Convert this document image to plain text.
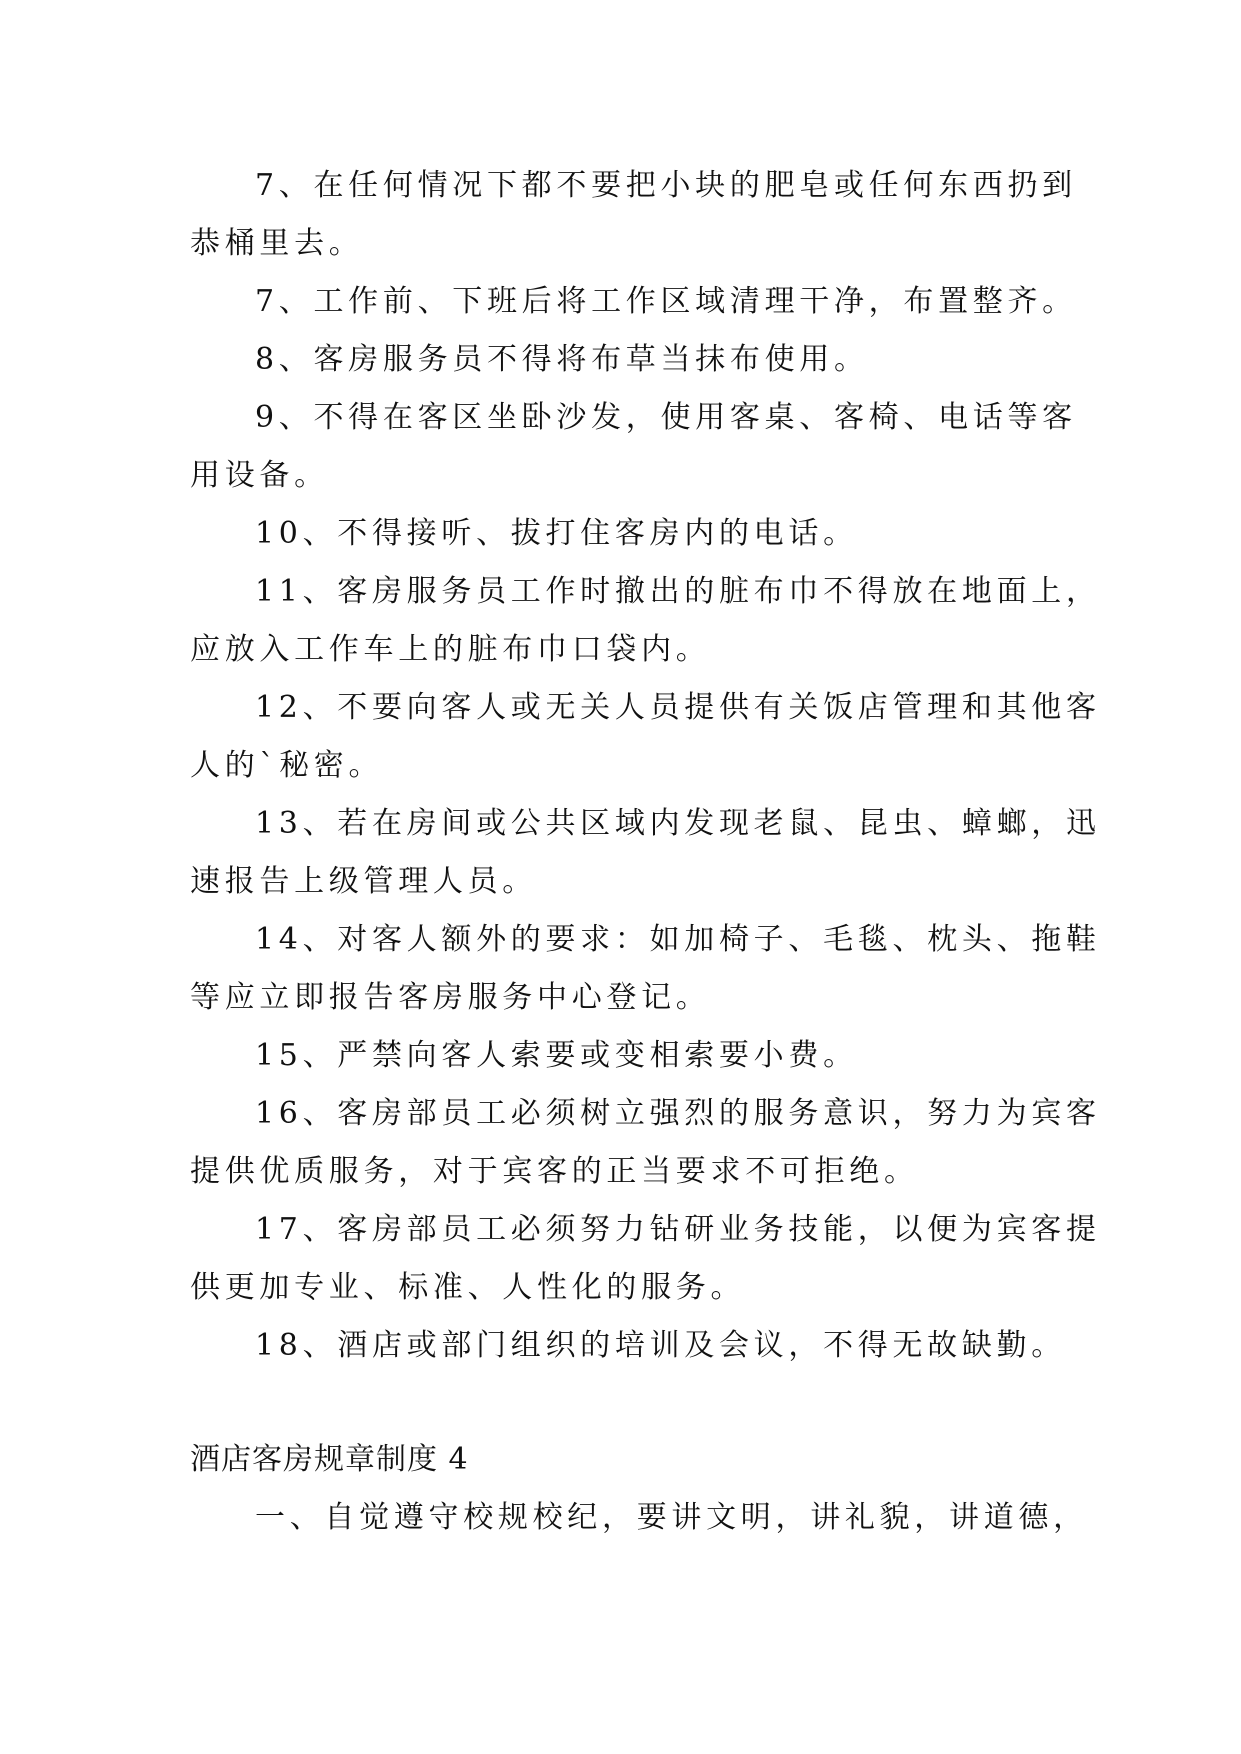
7、在任何情况下都不要把小块的肥皂或任何东西扔到
恭桶里去。
7、工作前、下班后将工作区域清理干净，布置整齐。
8、客房服务员不得将布草当抹布使用。
9、不得在客区坐卧沙发，使用客桌、客椅、电话等客
用设备。
10、不得接听、拔打住客房内的电话。
11、客房服务员工作时撤出的脏布巾不得放在地面上，
应放入工作车上的脏布巾口袋内。
12、不要向客人或无关人员提供有关饭店管理和其他客
人的`秘密。
13、若在房间或公共区域内发现老鼠、昆虫、蟑螂，迅
速报告上级管理人员。
14、对客人额外的要求：如加椅子、毛毯、枕头、拖鞋
等应立即报告客房服务中心登记。
15、严禁向客人索要或变相索要小费。
16、客房部员工必须树立强烈的服务意识，努力为宾客
提供优质服务，对于宾客的正当要求不可拒绝。
17、客房部员工必须努力钻研业务技能，以便为宾客提
供更加专业、标准、人性化的服务。
18、酒店或部门组织的培训及会议，不得无故缺勤。
酒店客房规章制度 4
一、自觉遵守校规校纪，要讲文明，讲礼貌，讲道德，
